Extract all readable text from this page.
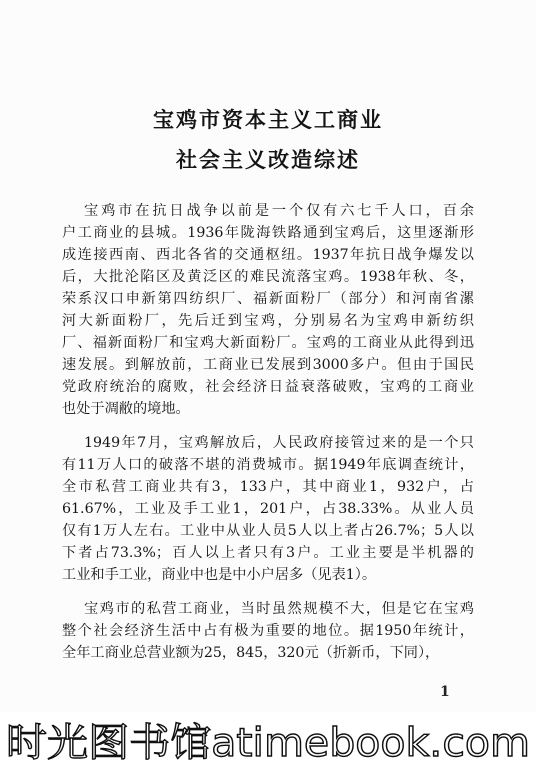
宝鸡市资本主义工商业
社会主义改造综述
宝鸡市在抗日战争以前是一个仅有六七千人口，百余
户工商业的县城。1936年陇海铁路通到宝鸡后，这里逐渐形
成连接西南、西北各省的交通枢纽。1937年抗日战争爆发以
后，大批沦陷区及黄泛区的难民流落宝鸡。1938年秋、冬，
荣系汉口申新第四纺织厂、福新面粉厂（部分）和河南省漯
河大新面粉厂，先后迁到宝鸡，分别易名为宝鸡申新纺织
厂、福新面粉厂和宝鸡大新面粉厂。宝鸡的工商业从此得到迅
速发展。到解放前，工商业已发展到3000多户。但由于国民
党政府统治的腐败，社会经济日益衰落破败，宝鸡的工商业
也处于凋敝的境地。
1949年7月，宝鸡解放后，人民政府接管过来的是一个只
有11万人口的破落不堪的消费城市。据1949年底调查统计，
全市私营工商业共有3，133户，其中商业1，932户，占
61.67%，工业及手工业1，201户，占38.33%。从业人员
仅有1万人左右。工业中从业人员5人以上者占26.7%；5人以
下者占73.3%；百人以上者只有3户。工业主要是半机器的
工业和手工业，商业中也是中小户居多（见表1）。
宝鸡市的私营工商业，当时虽然规模不大，但是它在宝鸡
整个社会经济生活中占有极为重要的地位。据1950年统计，
全年工商业总营业额为25，845，320元（折新币，下同），
1
时光图书馆atimebook.com
